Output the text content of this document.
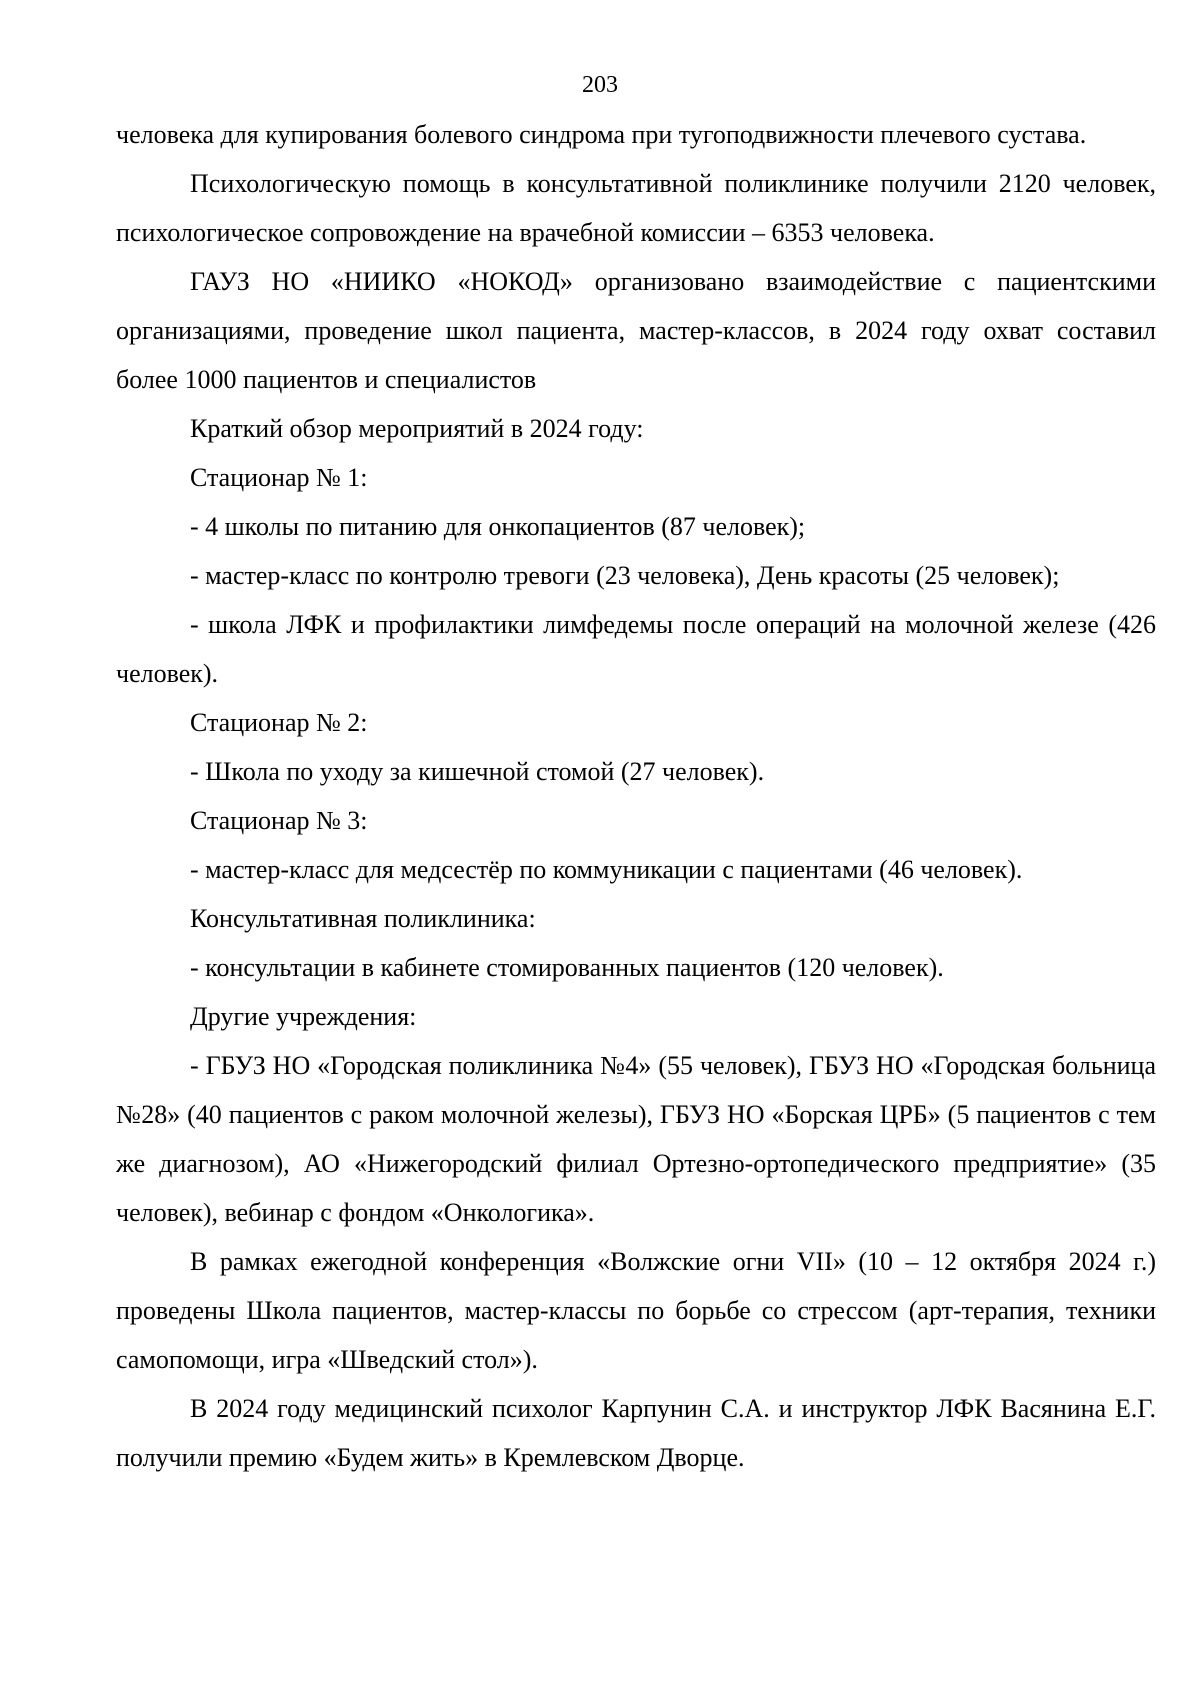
203

человека для купирования болевого синдрома при тугоподвижности плечевого сустава.

Психологическую помощь в консультативной поликлинике получили 2120 человек, психологическое сопровождение на врачебной комиссии – 6353 человека.

ГАУЗ НО «НИИКО «НОКОД» организовано взаимодействие с пациентскими организациями, проведение школ пациента, мастер-классов, в 2024 году охват составил более 1000 пациентов и специалистов

Краткий обзор мероприятий в 2024 году:

Стационар № 1:

- 4 школы по питанию для онкопациентов (87 человек);

- мастер-класс по контролю тревоги (23 человека), День красоты (25 человек);

- школа ЛФК и профилактики лимфедемы после операций на молочной железе (426 человек).

Стационар № 2:

- Школа по уходу за кишечной стомой (27 человек).

Стационар № 3:

- мастер-класс для медсестёр по коммуникации с пациентами (46 человек).

Консультативная поликлиника:

- консультации в кабинете стомированных пациентов (120 человек).

Другие учреждения:

- ГБУЗ НО «Городская поликлиника №4» (55 человек), ГБУЗ НО «Городская больница №28» (40 пациентов с раком молочной железы), ГБУЗ НО «Борская ЦРБ» (5 пациентов с тем же диагнозом), АО «Нижегородский филиал Ортезно-ортопедического предприятие» (35 человек), вебинар с фондом «Онкологика».

В рамках ежегодной конференция «Волжские огни VII» (10 – 12 октября 2024 г.) проведены Школа пациентов, мастер-классы по борьбе со стрессом (арт-терапия, техники самопомощи, игра «Шведский стол»).

В 2024 году медицинский психолог Карпунин С.А. и инструктор ЛФК Васянина Е.Г. получили премию «Будем жить» в Кремлевском Дворце.
